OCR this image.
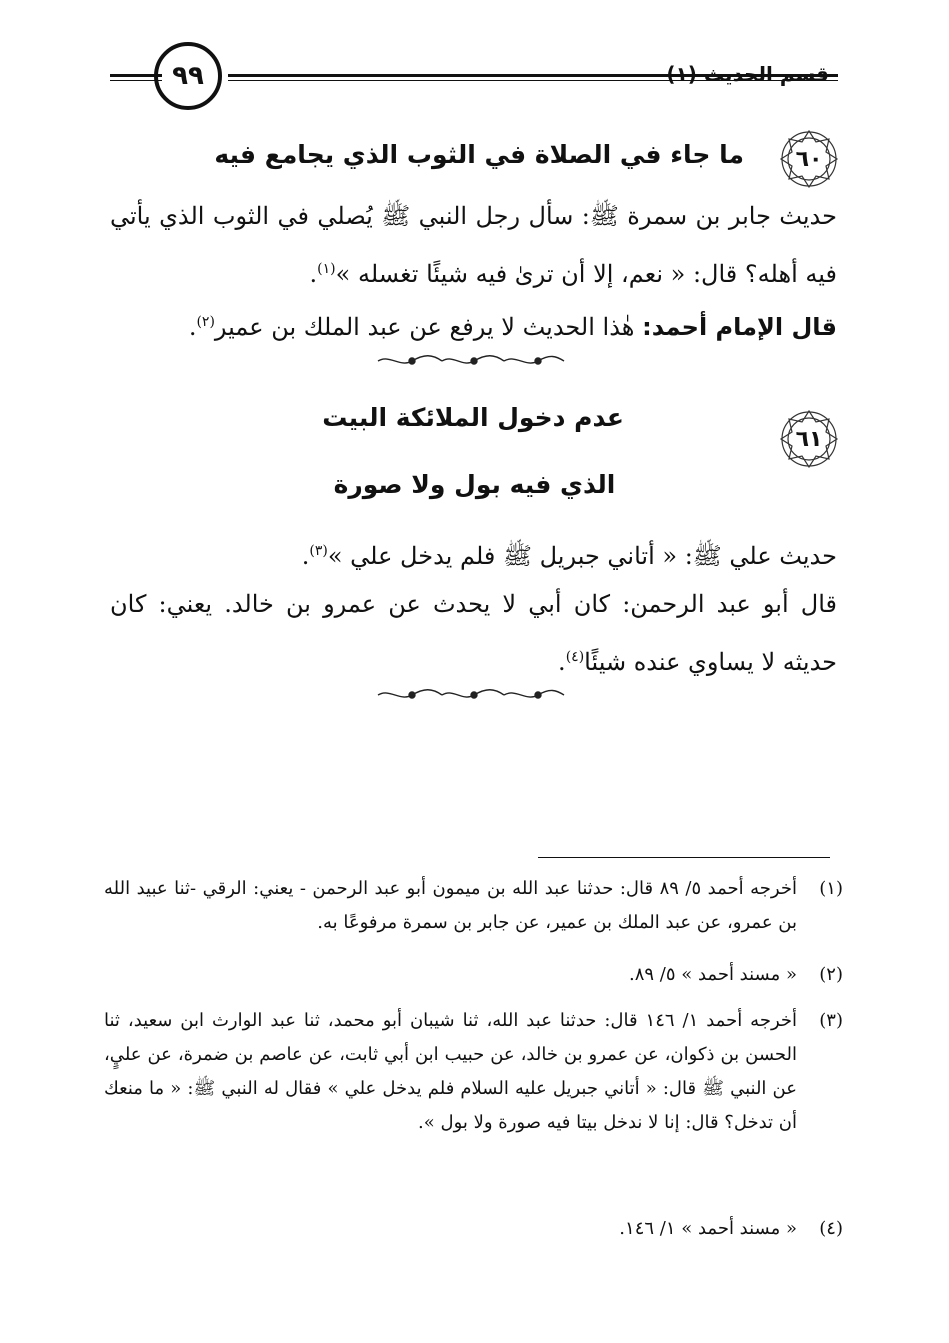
٩٩	قسم الحديث (١)
٦٠
ما جاء في الصلاة في الثوب الذي يجامع فيه
حديث جابر بن سمرة ﷺ: سأل رجل النبي ﷺ يُصلي في الثوب الذي يأتي فيه أهله؟ قال: « نعم، إلا أن ترىٰ فيه شيئًا تغسله »$^{(١)}$.
قال الإمام أحمد: هٰذا الحديث لا يرفع عن عبد الملك بن عمير$^{(٢)}$.
٦١
عدم دخول الملائكة البيت
الذي فيه بول ولا صورة
حديث علي ﷺ: « أتاني جبريل ﷺ فلم يدخل علي »$^{(٣)}$.
قال أبو عبد الرحمن: كان أبي لا يحدث عن عمرو بن خالد. يعني: كان حديثه لا يساوي عنده شيئًا$^{(٤)}$.
(١)
أخرجه أحمد ٥/ ٨٩ قال: حدثنا عبد الله بن ميمون أبو عبد الرحمن - يعني: الرقي -ثنا عبيد الله بن عمرو، عن عبد الملك بن عمير، عن جابر بن سمرة مرفوعًا به.
(٢)
« مسند أحمد » ٥/ ٨٩.
(٣)
أخرجه أحمد ١/ ١٤٦ قال: حدثنا عبد الله، ثنا شيبان أبو محمد، ثنا عبد الوارث ابن سعيد، ثنا الحسن بن ذكوان، عن عمرو بن خالد، عن حبيب ابن أبي ثابت، عن عاصم بن ضمرة، عن عليٍ، عن النبي ﷺ قال: « أتاني جبريل عليه السلام فلم يدخل علي » فقال له النبي ﷺ: « ما منعك أن تدخل؟ قال: إنا لا ندخل بيتا فيه صورة ولا بول ».
(٤)
« مسند أحمد » ١/ ١٤٦.
